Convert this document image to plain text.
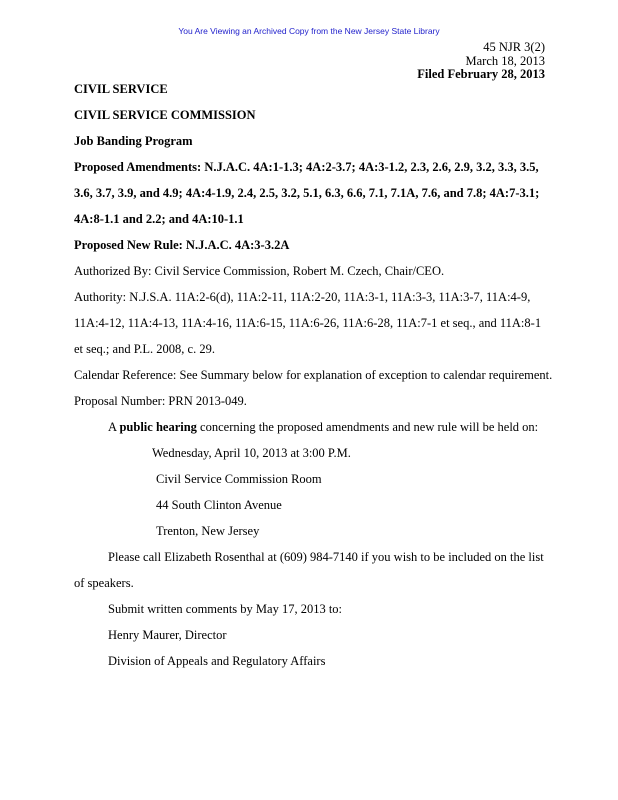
You Are Viewing an Archived Copy from the New Jersey State Library
45 NJR 3(2)
March 18, 2013
Filed February 28, 2013

CIVIL SERVICE

CIVIL SERVICE COMMISSION

Job Banding Program

Proposed Amendments: N.J.A.C. 4A:1-1.3; 4A:2-3.7; 4A:3-1.2, 2.3, 2.6, 2.9, 3.2, 3.3, 3.5, 3.6, 3.7, 3.9, and 4.9; 4A:4-1.9, 2.4, 2.5, 3.2, 5.1, 6.3, 6.6, 7.1, 7.1A, 7.6, and 7.8; 4A:7-3.1; 4A:8-1.1 and 2.2; and 4A:10-1.1

Proposed New Rule: N.J.A.C. 4A:3-3.2A

Authorized By: Civil Service Commission, Robert M. Czech, Chair/CEO.

Authority: N.J.S.A. 11A:2-6(d), 11A:2-11, 11A:2-20, 11A:3-1, 11A:3-3, 11A:3-7, 11A:4-9, 11A:4-12, 11A:4-13, 11A:4-16, 11A:6-15, 11A:6-26, 11A:6-28, 11A:7-1 et seq., and 11A:8-1 et seq.; and P.L. 2008, c. 29.

Calendar Reference: See Summary below for explanation of exception to calendar requirement.

Proposal Number: PRN 2013-049.

A public hearing concerning the proposed amendments and new rule will be held on:

Wednesday, April 10, 2013 at 3:00 P.M.

Civil Service Commission Room

44 South Clinton Avenue

Trenton, New Jersey

Please call Elizabeth Rosenthal at (609) 984-7140 if you wish to be included on the list of speakers.

Submit written comments by May 17, 2013 to:

Henry Maurer, Director

Division of Appeals and Regulatory Affairs
